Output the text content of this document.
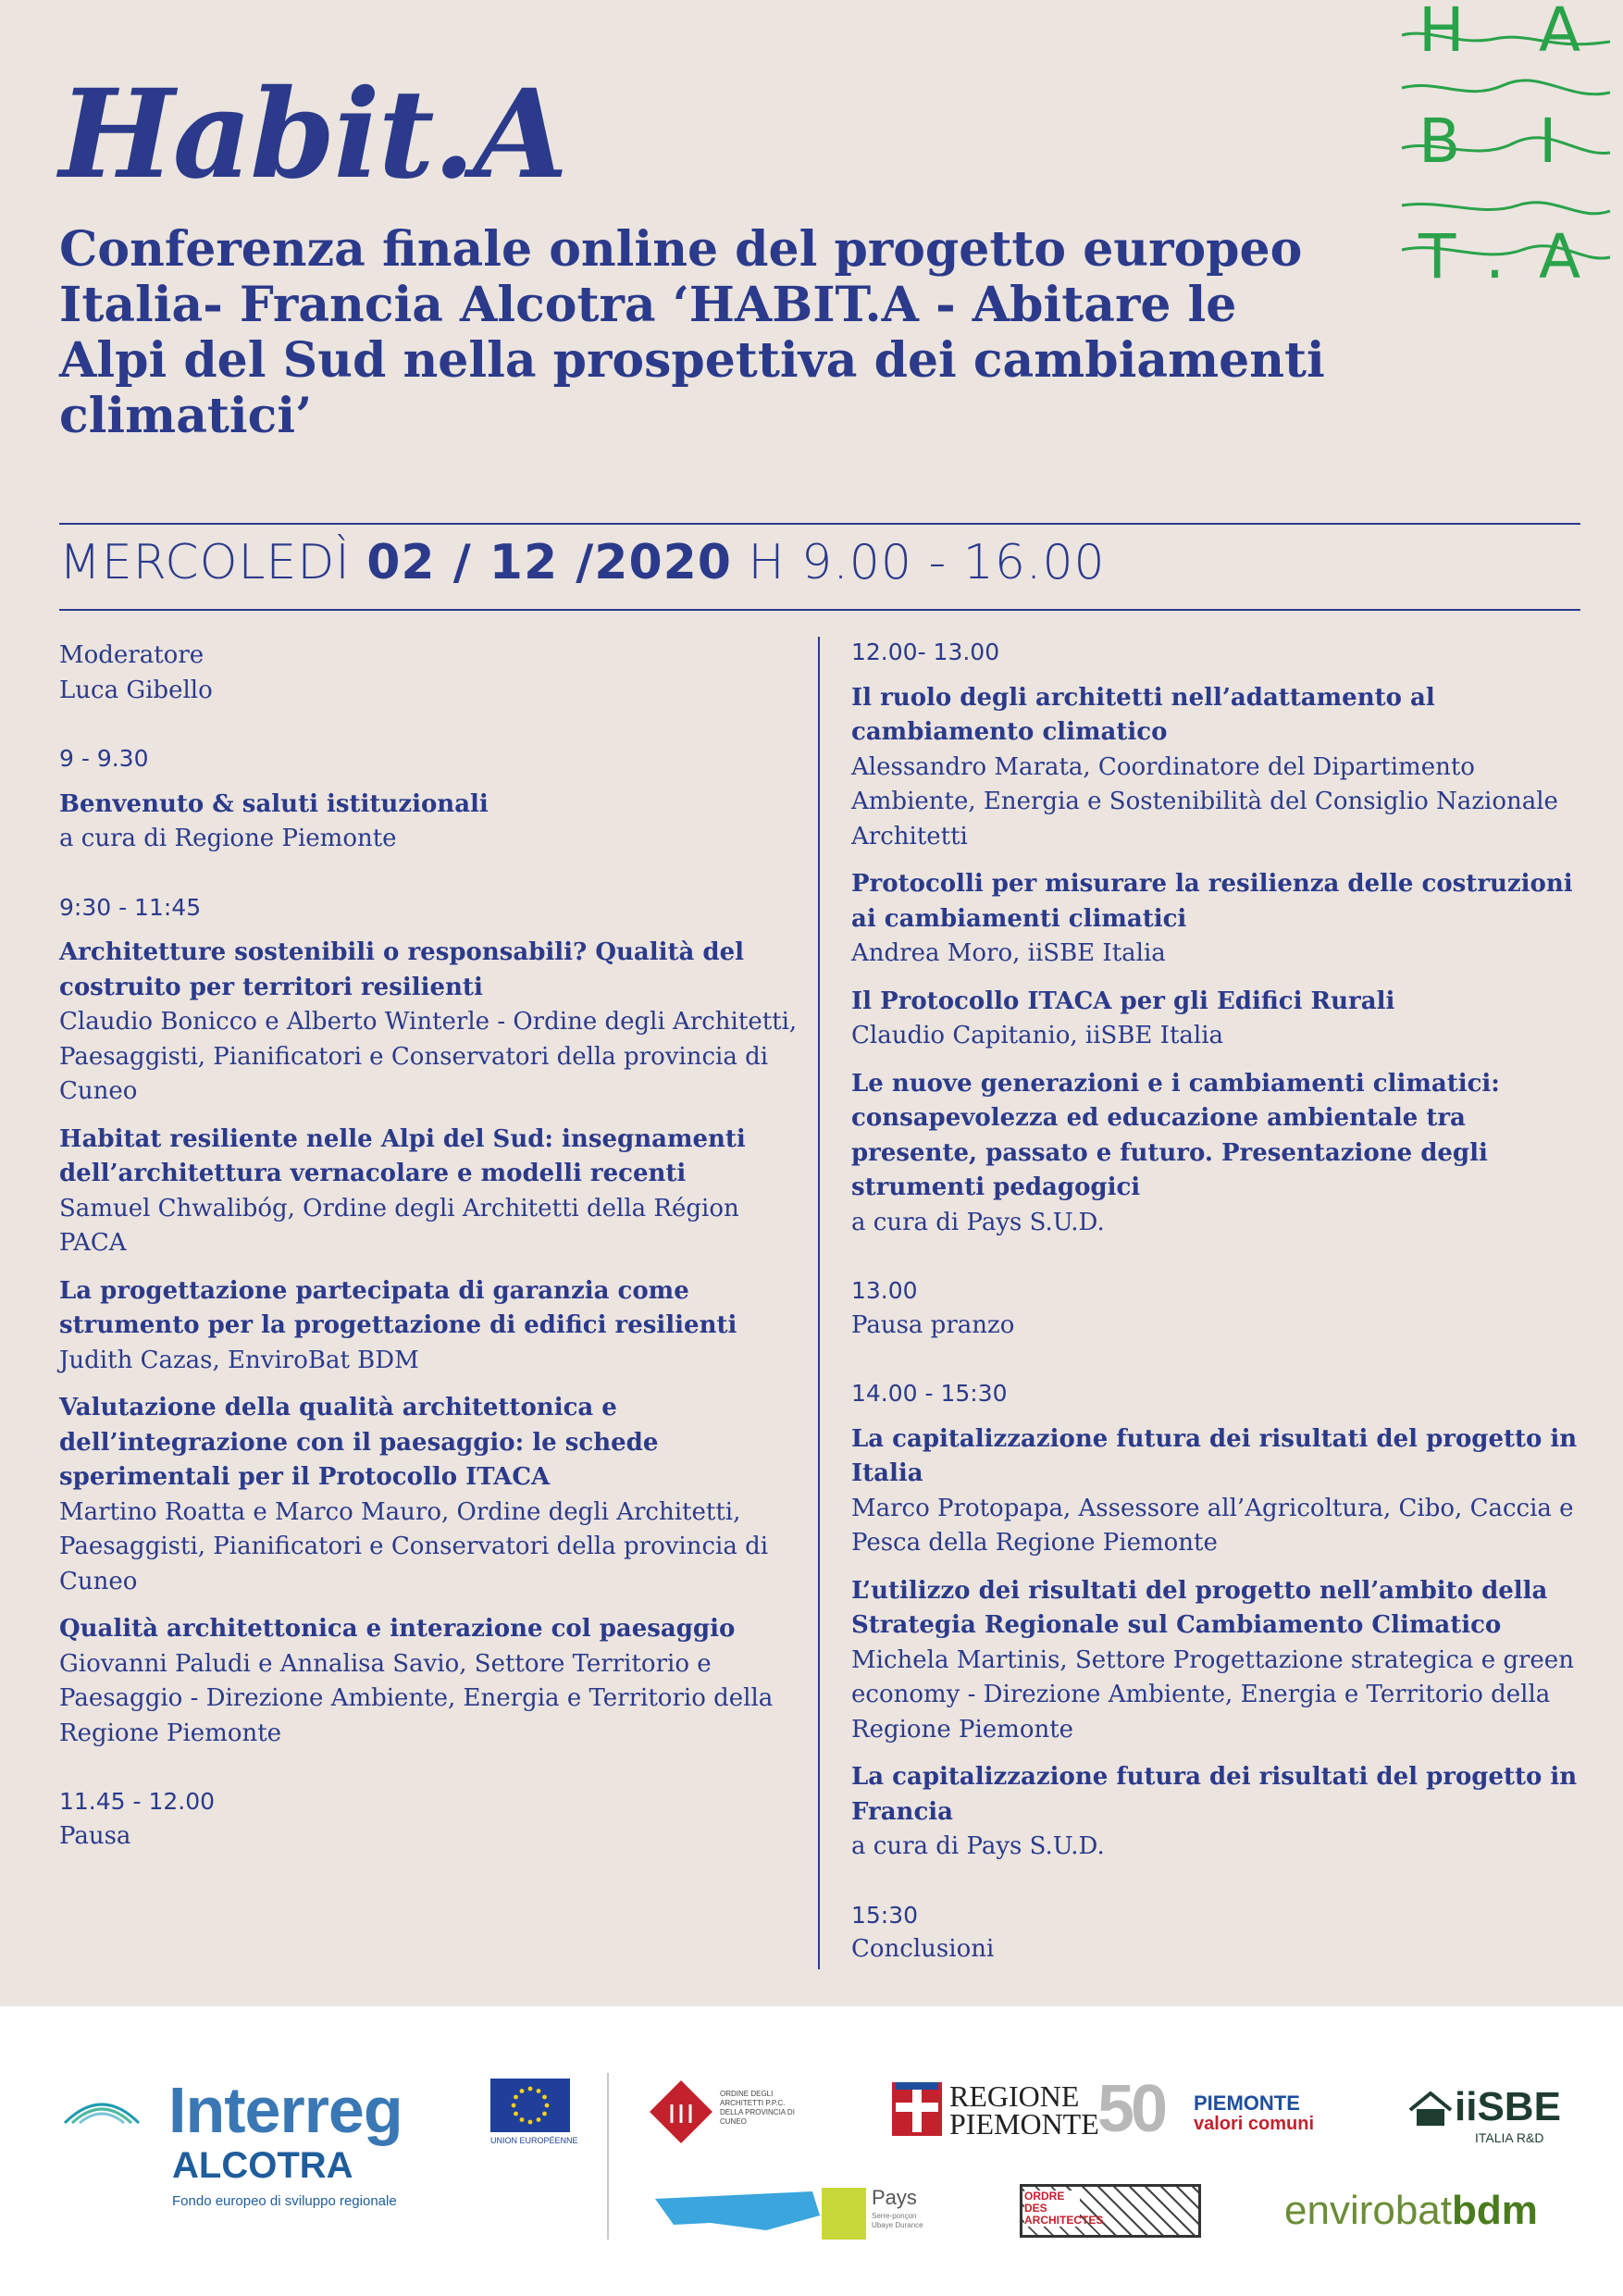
H A
B I
T . A
Habit.A
Conferenza finale online del progetto europeo Italia- Francia Alcotra ‘HABIT.A - Abitare le Alpi del Sud nella prospettiva dei cambiamenti climatici’
MERCOLEDÌ 02 / 12 /2020 H 9.00 - 16.00
Moderatore
Luca Gibello
9 - 9.30
Benvenuto & saluti istituzionali
a cura di Regione Piemonte
9:30 - 11:45
Architetture sostenibili o responsabili? Qualità del costruito per territori resilienti
Claudio Bonicco e Alberto Winterle - Ordine degli Architetti, Paesaggisti, Pianificatori e Conservatori della provincia di Cuneo
Habitat resiliente nelle Alpi del Sud: insegnamenti dell’architettura vernacolare e modelli recenti
Samuel Chwalibóg, Ordine degli Architetti della Région PACA
La progettazione partecipata di garanzia come strumento per la progettazione di edifici resilienti
Judith Cazas, EnviroBat BDM
Valutazione della qualità architettonica e dell’integrazione con il paesaggio: le schede sperimentali per il Protocollo ITACA
Martino Roatta e Marco Mauro, Ordine degli Architetti, Paesaggisti, Pianificatori e Conservatori della provincia di Cuneo
Qualità architettonica e interazione col paesaggio
Giovanni Paludi e Annalisa Savio, Settore Territorio e Paesaggio - Direzione Ambiente, Energia e Territorio della Regione Piemonte
11.45 - 12.00
Pausa
12.00- 13.00
Il ruolo degli architetti nell’adattamento al cambiamento climatico
Alessandro Marata, Coordinatore del Dipartimento Ambiente, Energia e Sostenibilità del Consiglio Nazionale Architetti
Protocolli per misurare la resilienza delle costruzioni ai cambiamenti climatici
Andrea Moro, iiSBE Italia
Il Protocollo ITACA per gli Edifici Rurali
Claudio Capitanio, iiSBE Italia
Le nuove generazioni e i cambiamenti climatici: consapevolezza ed educazione ambientale tra presente, passato e futuro. Presentazione degli strumenti pedagogici
a cura di Pays S.U.D.
13.00
Pausa pranzo
14.00 - 15:30
La capitalizzazione futura dei risultati del progetto in Italia
Marco Protopapa, Assessore all’Agricoltura, Cibo, Caccia e Pesca della Regione Piemonte
L’utilizzo dei risultati del progetto nell’ambito della Strategia Regionale sul Cambiamento Climatico
Michela Martinis, Settore Progettazione strategica e green economy - Direzione Ambiente, Energia e Territorio della Regione Piemonte
La capitalizzazione futura dei risultati del progetto in Francia
a cura di Pays S.U.D.
15:30
Conclusioni
Interreg
ALCOTRA
Fondo europeo di sviluppo regionale
UNION EUROPÉENNE
ORDINE DEGLI ARCHITETTI P.P.C. DELLA PROVINCIA DI CUNEO
REGIONE
PIEMONTE
50 PIEMONTE
valori comuni	iiSBE
ITALIA R&D
Pays
Serre-ponçon Ubaye Durance
ORDRE DES ARCHITECTES	envirobatbdm
